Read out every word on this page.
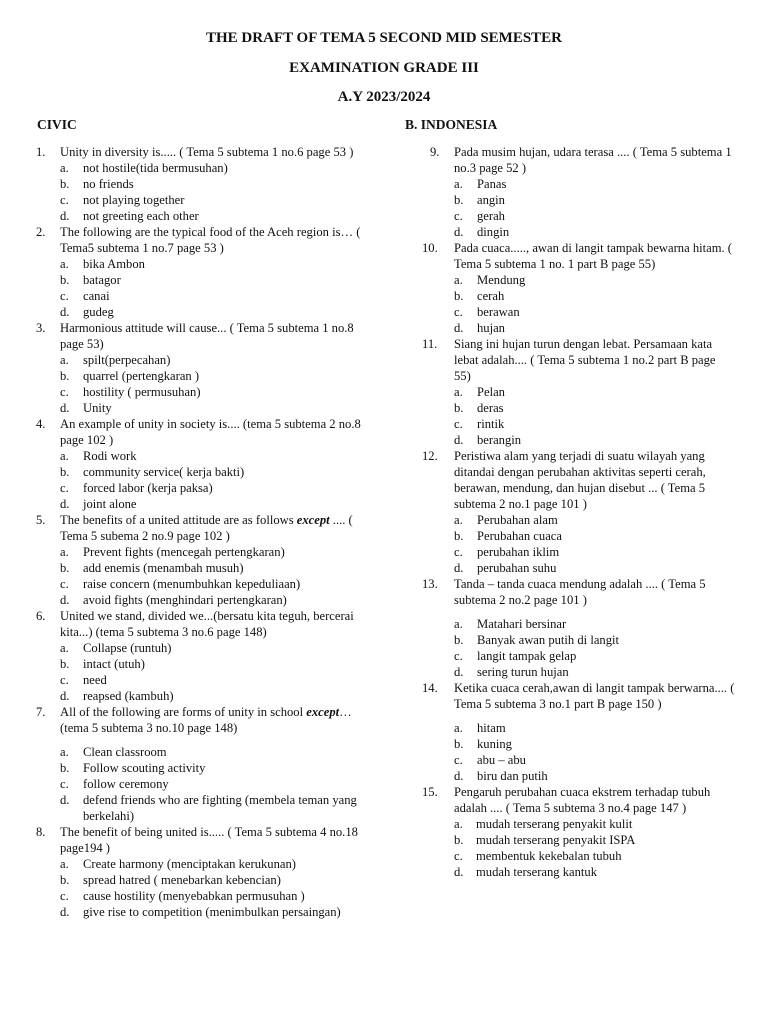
THE DRAFT OF TEMA 5 SECOND MID SEMESTER
EXAMINATION GRADE III
A.Y 2023/2024
CIVIC	B. INDONESIA
1. Unity in diversity is..... ( Tema 5 subtema 1 no.6 page 53 )
a. not hostile(tida bermusuhan)
b. no friends
c. not playing together
d. not greeting each other
2. The following are the typical food of the Aceh region is… ( Tema5 subtema 1 no.7 page 53 )
a. bika Ambon
b. batagor
c. canai
d. gudeg
3. Harmonious attitude will cause... ( Tema 5 subtema 1 no.8 page 53)
a. spilt(perpecahan)
b. quarrel (pertengkaran )
c. hostility ( permusuhan)
d. Unity
4. An example of unity in society is.... (tema 5 subtema 2 no.8 page 102 )
a. Rodi work
b. community service( kerja bakti)
c. forced labor (kerja paksa)
d. joint alone
5. The benefits of a united attitude are as follows except .... ( Tema 5 subema 2 no.9 page 102 )
a. Prevent fights (mencegah pertengkaran)
b. add enemis (menambah musuh)
c. raise concern (menumbuhkan kepeduliaan)
d. avoid fights (menghindari pertengkaran)
6. United we stand, divided we...(bersatu kita teguh, bercerai kita...) (tema 5 subtema 3 no.6 page 148)
a. Collapse (runtuh)
b. intact (utuh)
c. need
d. reapsed (kambuh)
7. All of the following are forms of unity in school except… (tema 5 subtema 3 no.10 page 148)
a. Clean classroom
b. Follow scouting activity
c. follow ceremony
d. defend friends who are fighting (membela teman yang berkelahi)
8. The benefit of being united is..... ( Tema 5 subtema 4 no.18 page194 )
a. Create harmony (menciptakan kerukunan)
b. spread hatred ( menebarkan kebencian)
c. cause hostility (menyebabkan permusuhan )
d. give rise to competition (menimbulkan persaingan)
9. Pada musim hujan, udara terasa .... ( Tema 5 subtema 1 no.3 page 52 )
a. Panas
b. angin
c. gerah
d. dingin
10. Pada cuaca....., awan di langit tampak bewarna hitam. ( Tema 5 subtema 1 no. 1 part B page 55)
a. Mendung
b. cerah
c. berawan
d. hujan
11. Siang ini hujan turun dengan lebat. Persamaan kata lebat adalah.... ( Tema 5 subtema 1 no.2 part B page 55)
a. Pelan
b. deras
c. rintik
d. berangin
12. Peristiwa alam yang terjadi di suatu wilayah yang ditandai dengan perubahan aktivitas seperti cerah, berawan, mendung, dan hujan disebut ... ( Tema 5 subtema 2 no.1 page 101 )
a. Perubahan alam
b. Perubahan cuaca
c. perubahan iklim
d. perubahan suhu
13. Tanda – tanda cuaca mendung adalah .... ( Tema 5 subtema 2 no.2 page 101 )
a. Matahari bersinar
b. Banyak awan putih di langit
c. langit tampak gelap
d. sering turun hujan
14. Ketika cuaca cerah,awan di langit tampak berwarna.... ( Tema 5 subtema 3 no.1 part B page 150 )
a. hitam
b. kuning
c. abu – abu
d. biru dan putih
15. Pengaruh perubahan cuaca ekstrem terhadap tubuh adalah .... ( Tema 5 subtema 3 no.4 page 147 )
a. mudah terserang penyakit kulit
b. mudah terserang penyakit ISPA
c. membentuk kekebalan tubuh
d. mudah terserang kantuk
